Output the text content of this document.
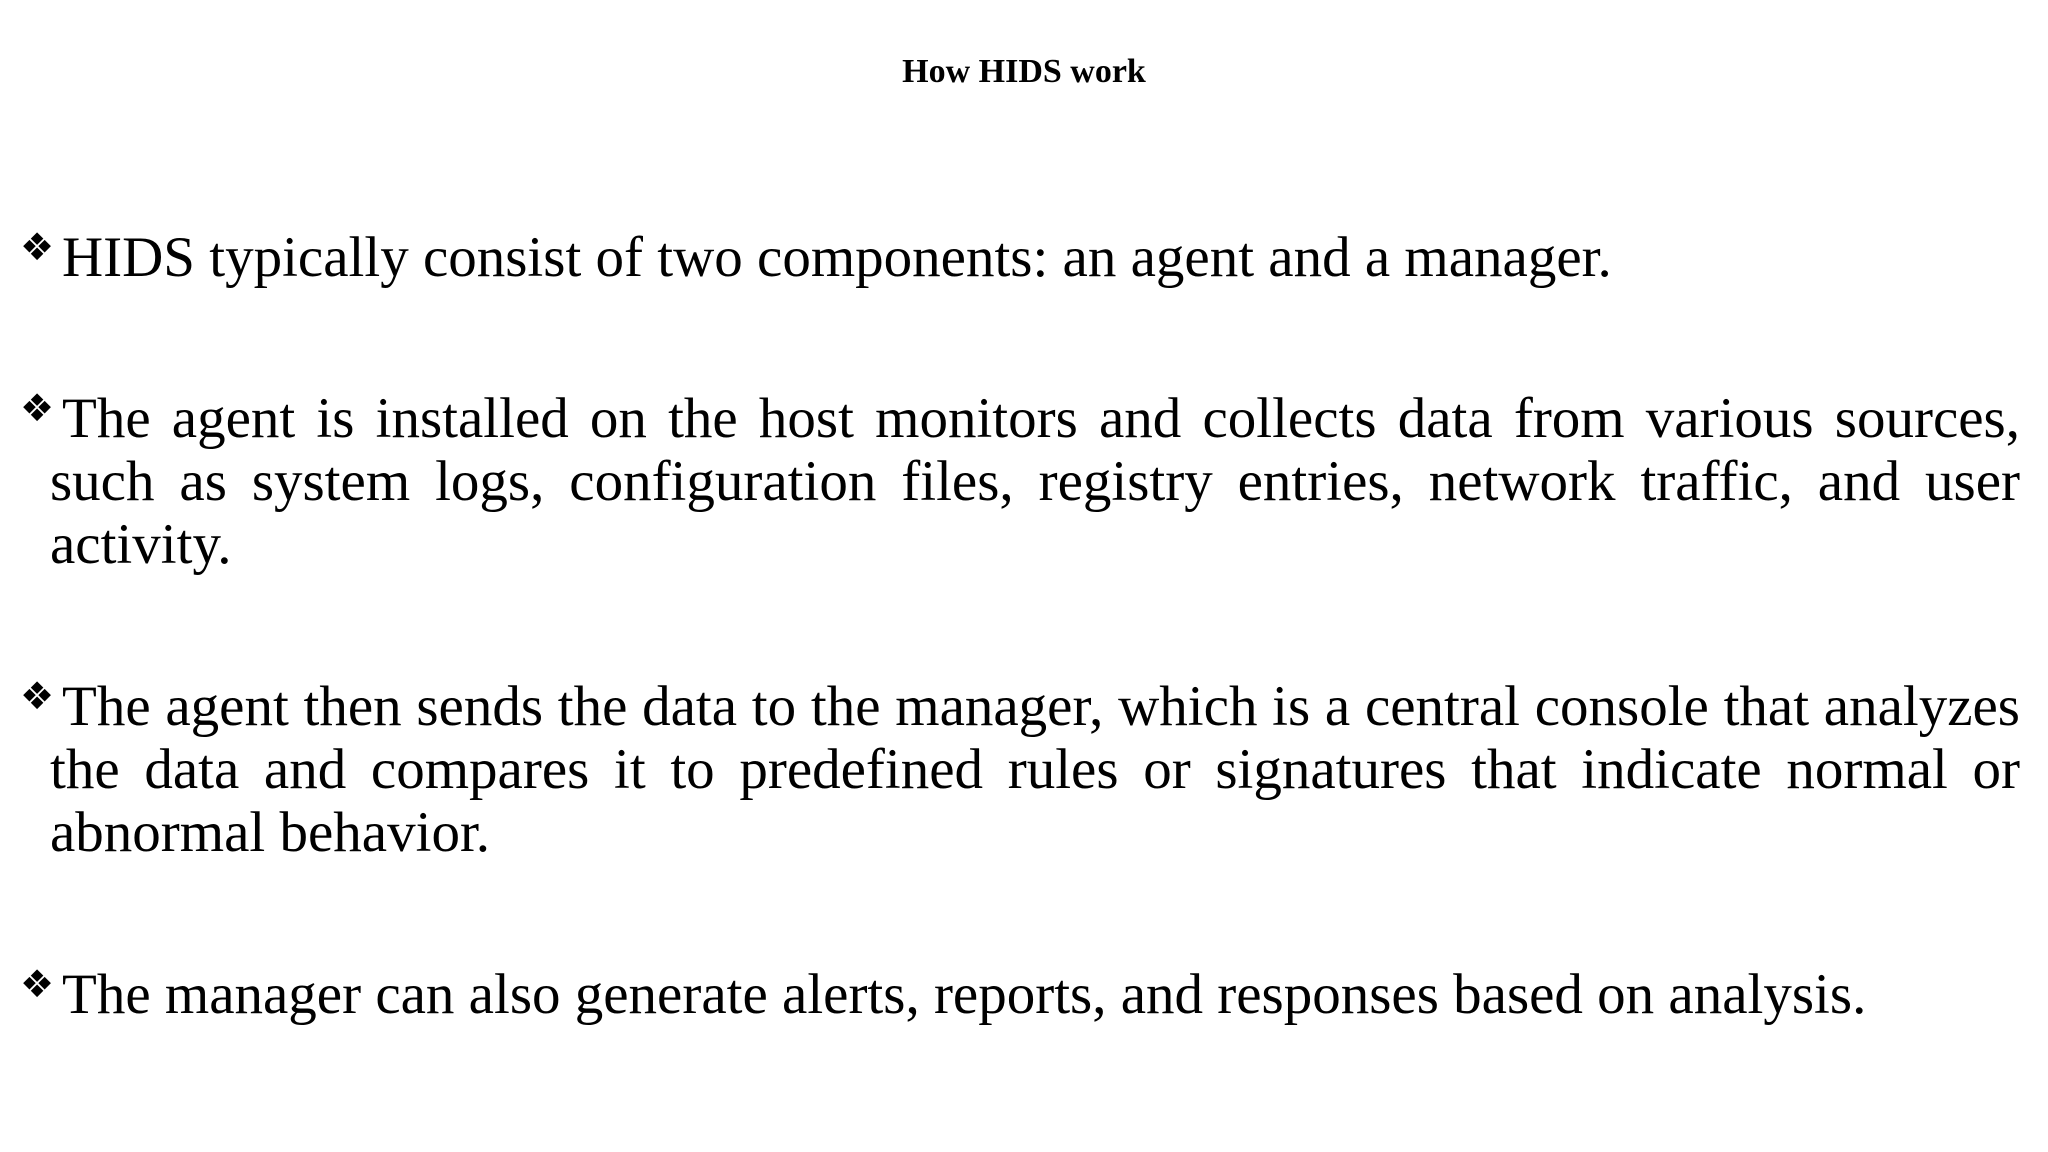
How HIDS work
❖ HIDS typically consist of two components: an agent and a manager.
❖ The agent is installed on the host monitors and collects data from various sources, such as system logs, configuration files, registry entries, network traffic, and user activity.
❖ The agent then sends the data to the manager, which is a central console that analyzes the data and compares it to predefined rules or signatures that indicate normal or abnormal behavior.
❖ The manager can also generate alerts, reports, and responses based on analysis.
